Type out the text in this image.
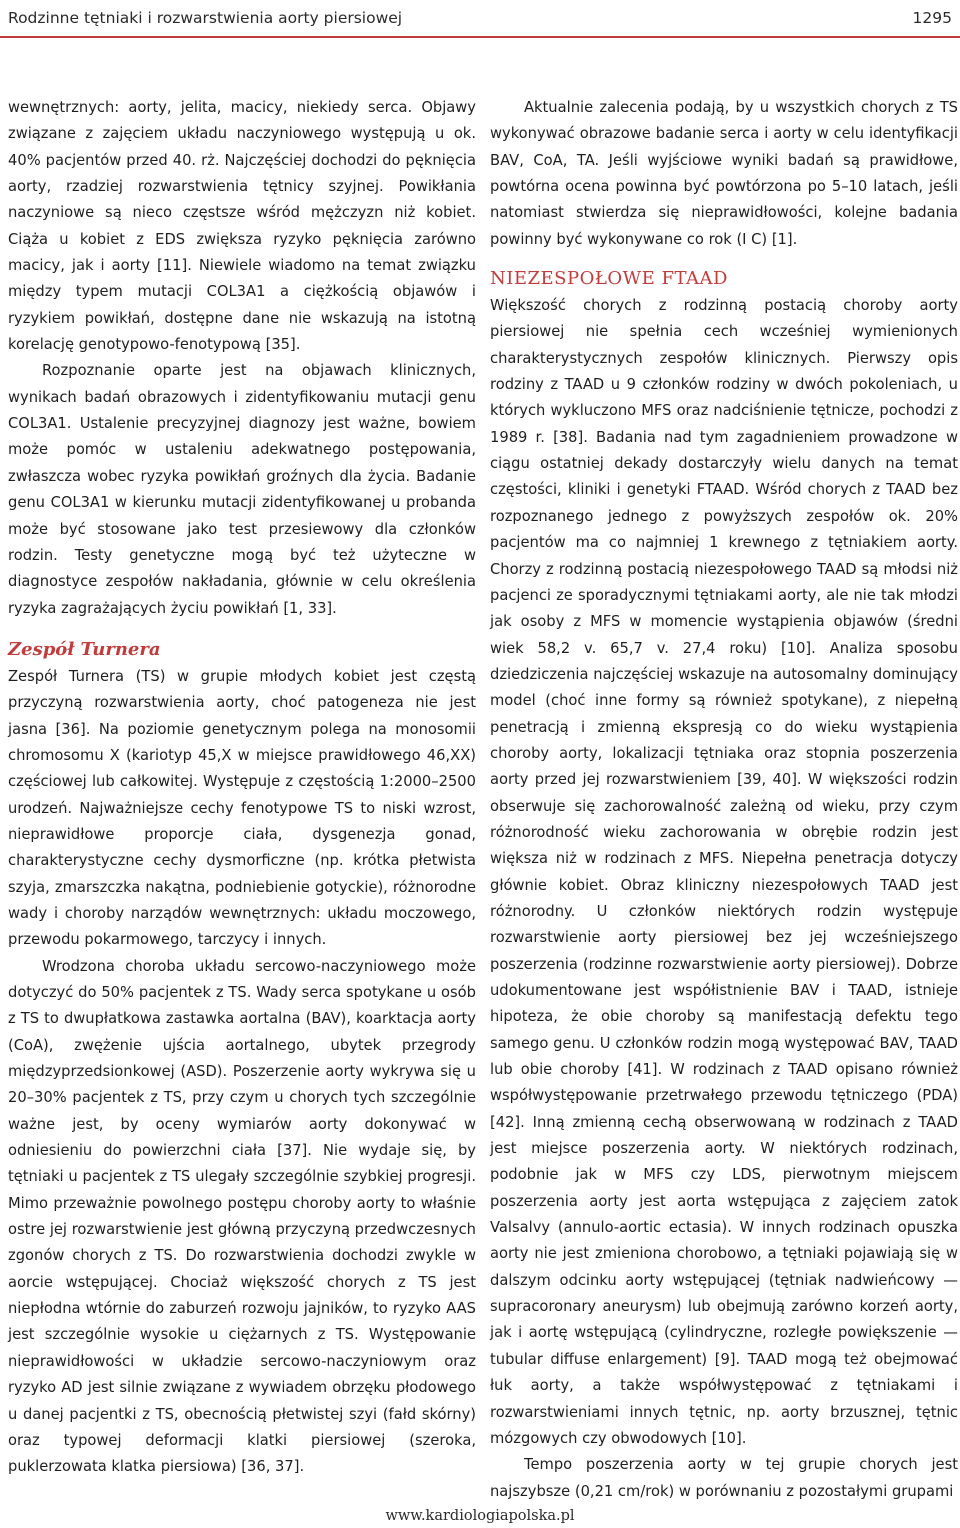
Rodzinne tętniaki i rozwarstwienia aorty piersiowej	1295

wewnętrznych: aorty, jelita, macicy, niekiedy serca. Objawy związane z zajęciem układu naczyniowego występują u ok. 40% pacjentów przed 40. rż. Najczęściej dochodzi do pęknięcia aorty, rzadziej rozwarstwienia tętnicy szyjnej. Powikłania naczyniowe są nieco częstsze wśród mężczyzn niż kobiet. Ciąża u kobiet z EDS zwiększa ryzyko pęknięcia zarówno macicy, jak i aorty [11]. Niewiele wiadomo na temat związku między typem mutacji COL3A1 a ciężkością objawów i ryzykiem powikłań, dostępne dane nie wskazują na istotną korelację genotypowo-fenotypową [35].

Rozpoznanie oparte jest na objawach klinicznych, wynikach badań obrazowych i zidentyfikowaniu mutacji genu COL3A1. Ustalenie precyzyjnej diagnozy jest ważne, bowiem może pomóc w ustaleniu adekwatnego postępowania, zwłaszcza wobec ryzyka powikłań groźnych dla życia. Badanie genu COL3A1 w kierunku mutacji zidentyfikowanej u probanda może być stosowane jako test przesiewowy dla członków rodzin. Testy genetyczne mogą być też użyteczne w diagnostyce zespołów nakładania, głównie w celu określenia ryzyka zagrażających życiu powikłań [1, 33].

Zespół Turnera

Zespół Turnera (TS) w grupie młodych kobiet jest częstą przyczyną rozwarstwienia aorty, choć patogeneza nie jest jasna [36]. Na poziomie genetycznym polega na monosomii chromosomu X (kariotyp 45,X w miejsce prawidłowego 46,XX) częściowej lub całkowitej. Występuje z częstością 1:2000–2500 urodzeń. Najważniejsze cechy fenotypowe TS to niski wzrost, nieprawidłowe proporcje ciała, dysgenezja gonad, charakterystyczne cechy dysmorficzne (np. krótka płetwista szyja, zmarszczka nakątna, podniebienie gotyckie), różnorodne wady i choroby narządów wewnętrznych: układu moczowego, przewodu pokarmowego, tarczycy i innych.

Wrodzona choroba układu sercowo-naczyniowego może dotyczyć do 50% pacjentek z TS. Wady serca spotykane u osób z TS to dwupłatkowa zastawka aortalna (BAV), koarktacja aorty (CoA), zwężenie ujścia aortalnego, ubytek przegrody międzyprzedsionkowej (ASD). Poszerzenie aorty wykrywa się u 20–30% pacjentek z TS, przy czym u chorych tych szczególnie ważne jest, by oceny wymiarów aorty dokonywać w odniesieniu do powierzchni ciała [37]. Nie wydaje się, by tętniaki u pacjentek z TS ulegały szczególnie szybkiej progresji. Mimo przeważnie powolnego postępu choroby aorty to właśnie ostre jej rozwarstwienie jest główną przyczyną przedwczesnych zgonów chorych z TS. Do rozwarstwienia dochodzi zwykle w aorcie wstępującej. Chociaż większość chorych z TS jest niepłodna wtórnie do zaburzeń rozwoju jajników, to ryzyko AAS jest szczególnie wysokie u ciężarnych z TS. Występowanie nieprawidłowości w układzie sercowo-naczyniowym oraz ryzyko AD jest silnie związane z wywiadem obrzęku płodowego u danej pacjentki z TS, obecnością płetwistej szyi (fałd skórny) oraz typowej deformacji klatki piersiowej (szeroka, puklerzowata klatka piersiowa) [36, 37].

Aktualnie zalecenia podają, by u wszystkich chorych z TS wykonywać obrazowe badanie serca i aorty w celu identyfikacji BAV, CoA, TA. Jeśli wyjściowe wyniki badań są prawidłowe, powtórna ocena powinna być powtórzona po 5–10 latach, jeśli natomiast stwierdza się nieprawidłowości, kolejne badania powinny być wykonywane co rok (I C) [1].

NIEZESPOŁOWE FTAAD

Większość chorych z rodzinną postacią choroby aorty piersiowej nie spełnia cech wcześniej wymienionych charakterystycznych zespołów klinicznych. Pierwszy opis rodziny z TAAD u 9 członków rodziny w dwóch pokoleniach, u których wykluczono MFS oraz nadciśnienie tętnicze, pochodzi z 1989 r. [38]. Badania nad tym zagadnieniem prowadzone w ciągu ostatniej dekady dostarczyły wielu danych na temat częstości, kliniki i genetyki FTAAD. Wśród chorych z TAAD bez rozpoznanego jednego z powyższych zespołów ok. 20% pacjentów ma co najmniej 1 krewnego z tętniakiem aorty. Chorzy z rodzinną postacią niezespołowego TAAD są młodsi niż pacjenci ze sporadycznymi tętniakami aorty, ale nie tak młodzi jak osoby z MFS w momencie wystąpienia objawów (średni wiek 58,2 v. 65,7 v. 27,4 roku) [10]. Analiza sposobu dziedziczenia najczęściej wskazuje na autosomalny dominujący model (choć inne formy są również spotykane), z niepełną penetracją i zmienną ekspresją co do wieku wystąpienia choroby aorty, lokalizacji tętniaka oraz stopnia poszerzenia aorty przed jej rozwarstwieniem [39, 40]. W większości rodzin obserwuje się zachorowalność zależną od wieku, przy czym różnorodność wieku zachorowania w obrębie rodzin jest większa niż w rodzinach z MFS. Niepełna penetracja dotyczy głównie kobiet. Obraz kliniczny niezespołowych TAAD jest różnorodny. U członków niektórych rodzin występuje rozwarstwienie aorty piersiowej bez jej wcześniejszego poszerzenia (rodzinne rozwarstwienie aorty piersiowej). Dobrze udokumentowane jest współistnienie BAV i TAAD, istnieje hipoteza, że obie choroby są manifestacją defektu tego samego genu. U członków rodzin mogą występować BAV, TAAD lub obie choroby [41]. W rodzinach z TAAD opisano również współwystępowanie przetrwałego przewodu tętniczego (PDA) [42]. Inną zmienną cechą obserwowaną w rodzinach z TAAD jest miejsce poszerzenia aorty. W niektórych rodzinach, podobnie jak w MFS czy LDS, pierwotnym miejscem poszerzenia aorty jest aorta wstępująca z zajęciem zatok Valsalvy (annulo-aortic ectasia). W innych rodzinach opuszka aorty nie jest zmieniona chorobowo, a tętniaki pojawiają się w dalszym odcinku aorty wstępującej (tętniak nadwieńcowy — supracoronary aneurysm) lub obejmują zarówno korzeń aorty, jak i aortę wstępującą (cylindryczne, rozległe powiększenie — tubular diffuse enlargement) [9]. TAAD mogą też obejmować łuk aorty, a także współwystępować z tętniakami i rozwarstwieniami innych tętnic, np. aorty brzusznej, tętnic mózgowych czy obwodowych [10].

Tempo poszerzenia aorty w tej grupie chorych jest najszybsze (0,21 cm/rok) w porównaniu z pozostałymi grupami

www.kardiologiapolska.pl
